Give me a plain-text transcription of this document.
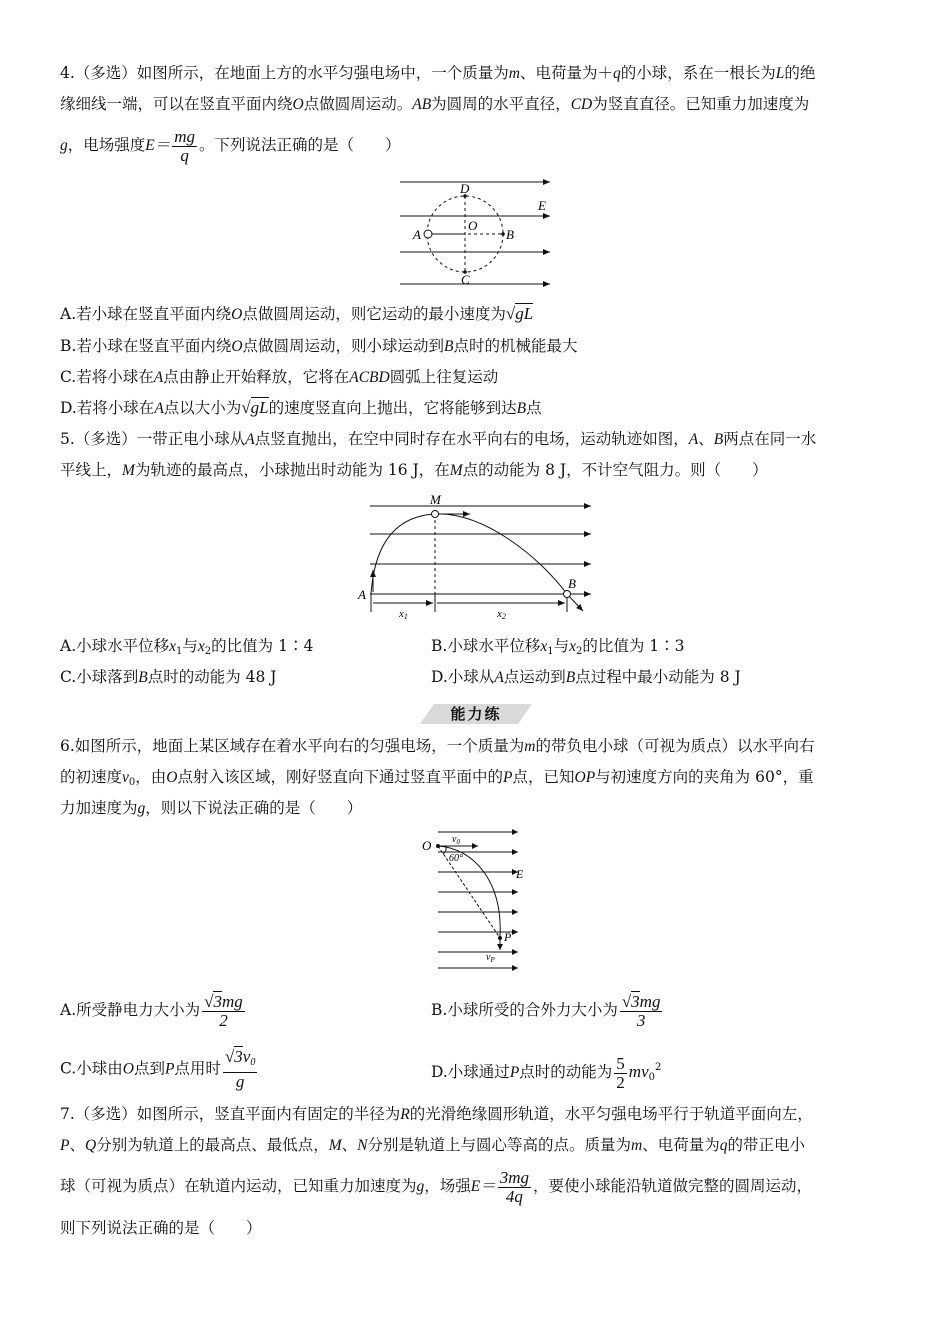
4.（多选）如图所示，在地面上方的水平匀强电场中，一个质量为m、电荷量为＋q的小球，系在一根长为L的绝
缘细线一端，可以在竖直平面内绕O点做圆周运动。AB为圆周的水平直径，CD为竖直直径。已知重力加速度为
g，电场强度$E= \frac{mg}{q}$ 。下列说法正确的是（　　）
D
O
E
A	B
C
A.若小球在竖直平面内绕O点做圆周运动，则它运动的最小速度为√gL
B.若小球在竖直平面内绕O点做圆周运动，则小球运动到B点时的机械能最大
C.若将小球在A点由静止开始释放，它将在ACBD圆弧上往复运动
D.若将小球在A点以大小为√gL的速度竖直向上抛出，它将能够到达B点
5.（多选）一带正电小球从A点竖直抛出，在空中同时存在水平向右的电场，运动轨迹如图，A、B两点在同一水
平线上，M为轨迹的最高点，小球抛出时动能为 16 J，在M点的动能为 8 J，不计空气阻力。则（　　）
M
A
B
x1	x2
A.小球水平位移$x_1$与$x_2$的比值为 1∶4	B.小球水平位移$x_1$与$x_2$的比值为 1∶3
C.小球落到B点时的动能为 48 J	D.小球从A点运动到B点过程中最小动能为 8 J
能力练
6.如图所示，地面上某区域存在着水平向右的匀强电场，一个质量为m的带负电小球（可视为质点）以水平向右
的初速度$v_0$，由O点射入该区域，刚好竖直向下通过竖直平面中的P点，已知OP与初速度方向的夹角为 60°，重
力加速度为g，则以下说法正确的是（　　）
O $v_0$
60°
E
P
$v_P$
A.所受静电力大小为 $\frac{√3mg}{2}$	B.小球所受的合外力大小为 $\frac{√3mg}{3}$
C.小球由O点到P点用时 $\frac{√3v_0}{g}$	D.小球通过P点时的动能为 $\frac{5}{2} mv_0^2$
7.（多选）如图所示，竖直平面内有固定的半径为R的光滑绝缘圆形轨道，水平匀强电场平行于轨道平面向左，
P、Q分别为轨道上的最高点、最低点，M、N分别是轨道上与圆心等高的点。质量为m、电荷量为q的带正电小
球（可视为质点）在轨道内运动，已知重力加速度为g，场强$E= \frac{3mg}{4q}$ ，要使小球能沿轨道做完整的圆周运动，
则下列说法正确的是（　　）
